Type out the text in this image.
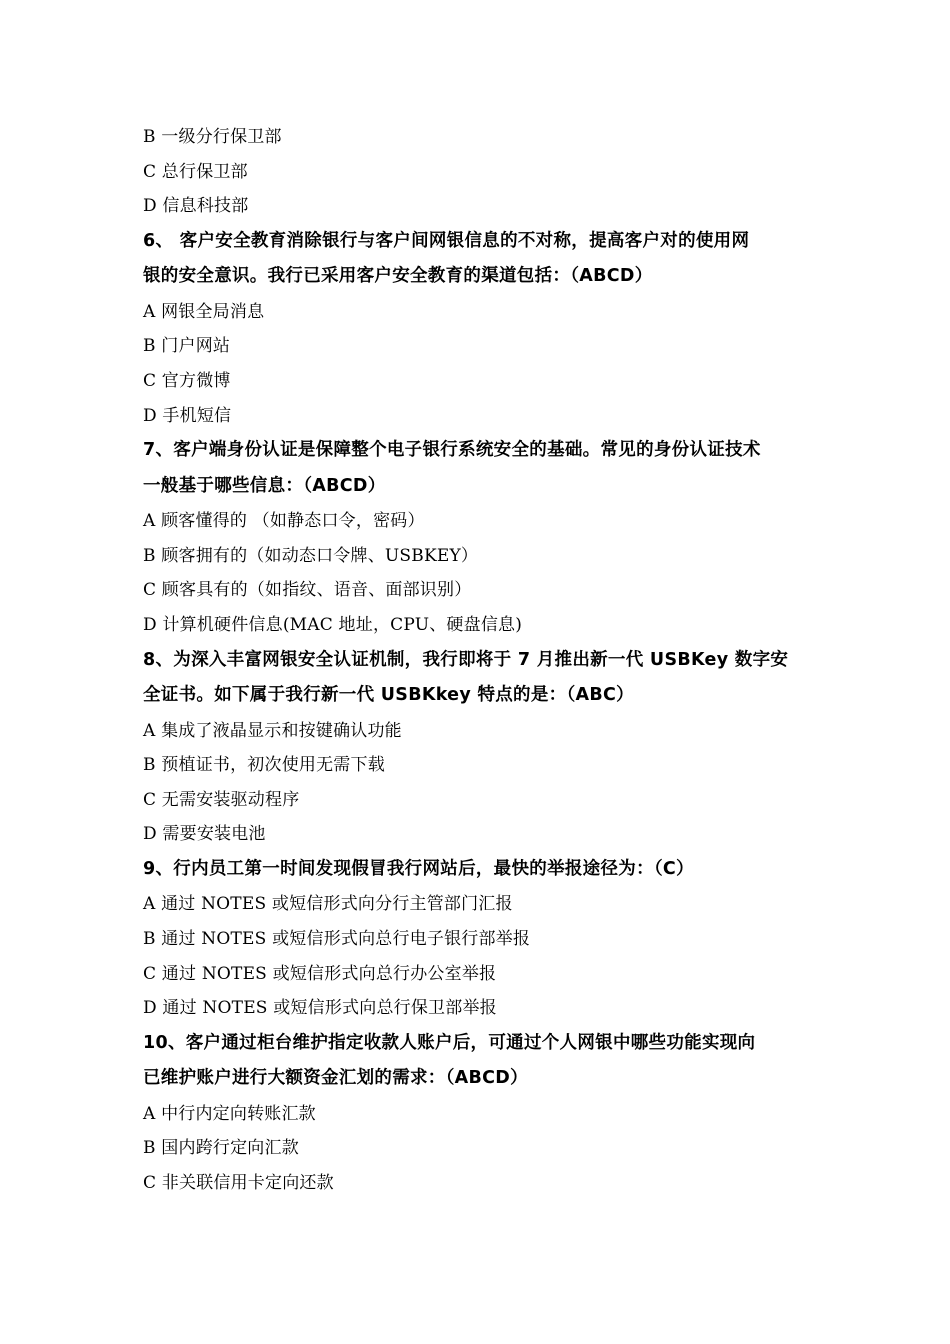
B 一级分行保卫部
C 总行保卫部
D 信息科技部
6、 客户安全教育消除银行与客户间网银信息的不对称，提高客户对的使用网
银的安全意识。我行已采用客户安全教育的渠道包括：（ABCD）
A 网银全局消息
B 门户网站
C 官方微博
D 手机短信
7、客户端身份认证是保障整个电子银行系统安全的基础。常见的身份认证技术
一般基于哪些信息：（ABCD）
A 顾客懂得的 （如静态口令，密码）
B 顾客拥有的（如动态口令牌、USBKEY）
C 顾客具有的（如指纹、语音、面部识别）
D 计算机硬件信息(MAC 地址，CPU、硬盘信息)
8、为深入丰富网银安全认证机制，我行即将于 7 月推出新一代 USBKey 数字安
全证书。如下属于我行新一代 USBKkey 特点的是：（ABC）
A 集成了液晶显示和按键确认功能
B 预植证书，初次使用无需下载
C 无需安装驱动程序
D 需要安装电池
9、行内员工第一时间发现假冒我行网站后，最快的举报途径为：（C）
A 通过 NOTES 或短信形式向分行主管部门汇报
B 通过 NOTES 或短信形式向总行电子银行部举报
C 通过 NOTES 或短信形式向总行办公室举报
D 通过 NOTES 或短信形式向总行保卫部举报
10、客户通过柜台维护指定收款人账户后，可通过个人网银中哪些功能实现向
已维护账户进行大额资金汇划的需求：（ABCD）
A 中行内定向转账汇款
B 国内跨行定向汇款
C 非关联信用卡定向还款
